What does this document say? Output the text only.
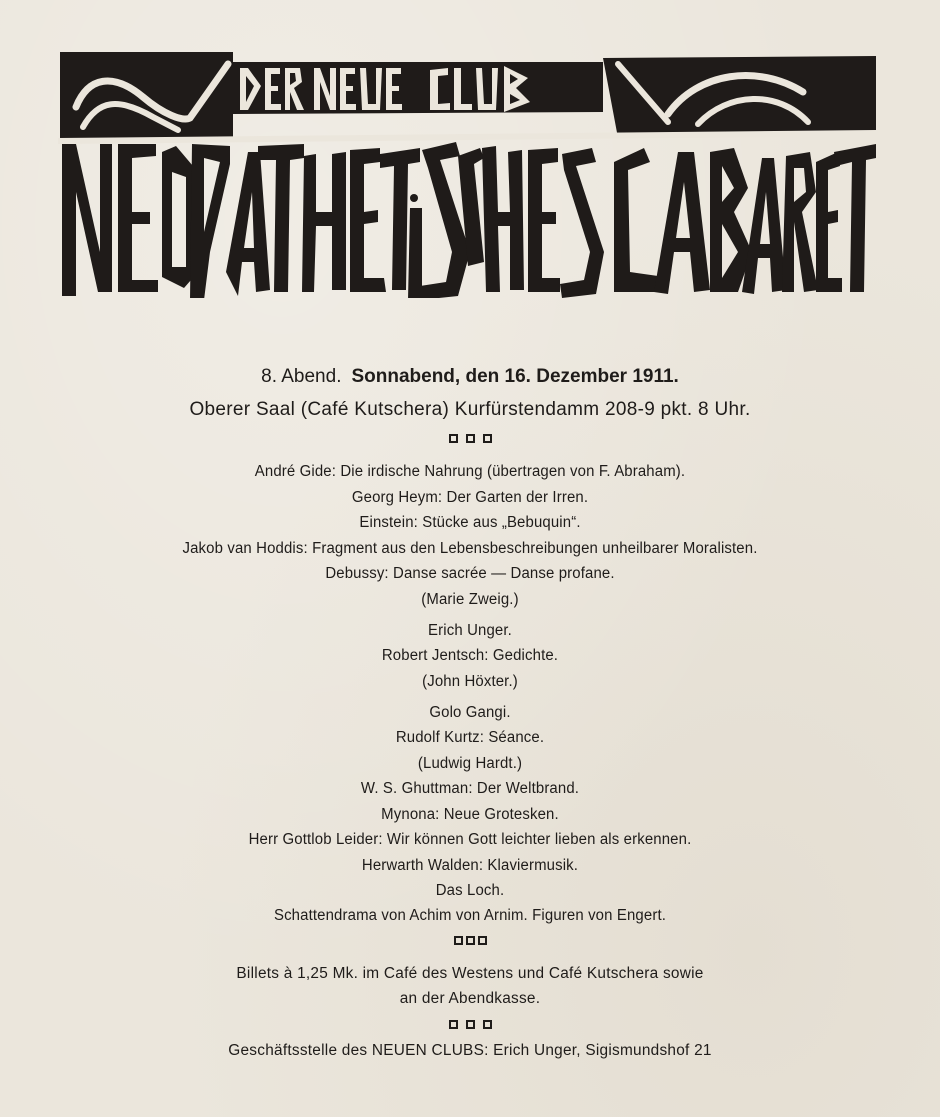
8. Abend. Sonnabend, den 16. Dezember 1911.
Oberer Saal (Café Kutschera) Kurfürstendamm 208-9 pkt. 8 Uhr.
André Gide: Die irdische Nahrung (übertragen von F. Abraham).
Georg Heym: Der Garten der Irren.
Einstein: Stücke aus „Bebuquin“.
Jakob van Hoddis: Fragment aus den Lebensbeschreibungen unheilbarer Moralisten.
Debussy: Danse sacrée — Danse profane.
(Marie Zweig.)
Erich Unger.
Robert Jentsch: Gedichte.
(John Höxter.)
Golo Gangi.
Rudolf Kurtz: Séance.
(Ludwig Hardt.)
W. S. Ghuttman: Der Weltbrand.
Mynona: Neue Grotesken.
Herr Gottlob Leider: Wir können Gott leichter lieben als erkennen.
Herwarth Walden: Klaviermusik.
Das Loch.
Schattendrama von Achim von Arnim. Figuren von Engert.
Billets à 1,25 Mk. im Café des Westens und Café Kutschera sowie
an der Abendkasse.
Geschäftsstelle des NEUEN CLUBS: Erich Unger, Sigismundshof 21
